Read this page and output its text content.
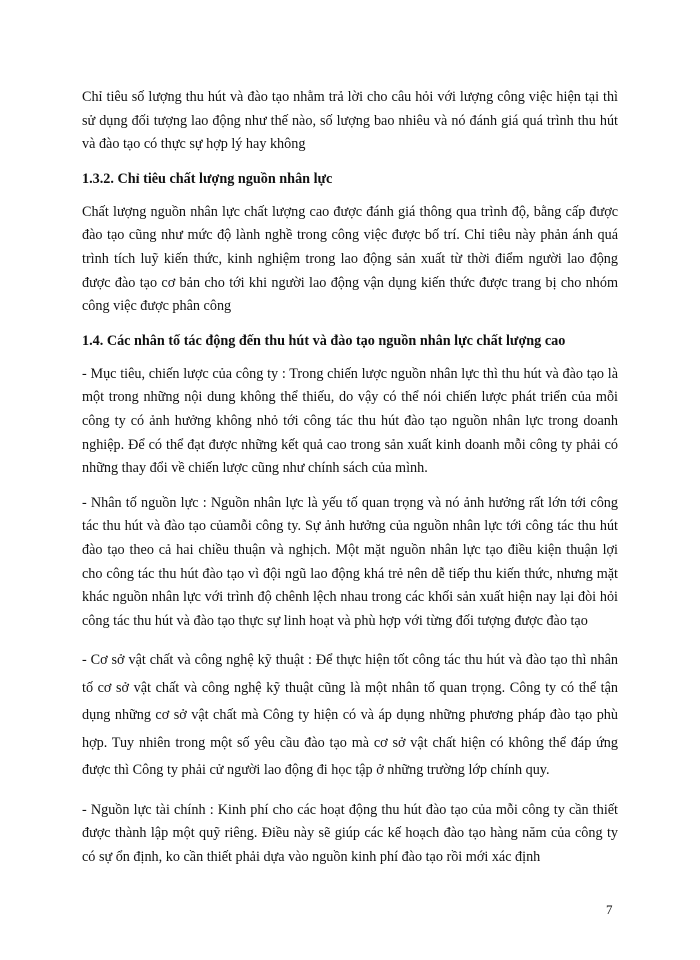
Chỉ tiêu số lượng thu hút và đào tạo nhằm trả lời cho câu hỏi với lượng công việc hiện tại thì sử dụng đối tượng lao động như thế nào, số lượng bao nhiêu và nó đánh giá quá trình thu hút và đào tạo có thực sự hợp lý hay không

1.3.2. Chỉ tiêu chất lượng nguồn nhân lực

Chất lượng nguồn nhân lực chất lượng cao được đánh giá thông qua trình độ, bằng cấp được đào tạo cũng như mức độ lành nghề trong công việc được bố trí. Chỉ tiêu này phản ánh quá trình tích luỹ kiến thức, kinh nghiệm trong lao động sản xuất từ thời điểm người lao động được đào tạo cơ bản cho tới khi người lao động vận dụng kiến thức được trang bị cho nhóm công việc được phân công

1.4. Các nhân tố tác động đến thu hút và đào tạo nguồn nhân lực chất lượng cao

- Mục tiêu, chiến lược của công ty : Trong chiến lược nguồn nhân lực thì thu hút và đào tạo là một trong những nội dung không thể thiếu, do vậy có thể nói chiến lược phát triển của mỗi công ty có ảnh hưởng không nhỏ tới công tác thu hút đào tạo nguồn nhân lực trong doanh nghiệp. Để có thể đạt được những kết quả cao trong sản xuất kinh doanh mỗi công ty phải có những thay đổi về chiến lược cũng như chính sách của mình.

- Nhân tố nguồn lực : Nguồn nhân lực là yếu tố quan trọng và nó ảnh hưởng rất lớn tới công tác thu hút và đào tạo củamỗi công ty. Sự ảnh hưởng của nguồn nhân lực tới công tác thu hút đào tạo theo cả hai chiều thuận và nghịch. Một mặt nguồn nhân lực tạo điều kiện thuận lợi cho công tác thu hút đào tạo vì đội ngũ lao động khá trẻ nên dễ tiếp thu kiến thức, nhưng mặt khác nguồn nhân lực với trình độ chênh lệch nhau trong các khối sản xuất hiện nay lại đòi hỏi công tác thu hút và đào tạo thực sự linh hoạt và phù hợp với từng đối tượng được đào tạo

- Cơ sở vật chất và công nghệ kỹ thuật : Để thực hiện tốt công tác thu hút và đào tạo thì nhân tố cơ sở vật chất và công nghệ kỹ thuật cũng là một nhân tố quan trọng. Công ty có thể tận dụng những cơ sở vật chất mà Công ty hiện có và áp dụng những phương pháp đào tạo phù hợp. Tuy nhiên trong một số yêu cầu đào tạo mà cơ sở vật chất hiện có không thể đáp ứng được thì Công ty phải cử người lao động đi học tập ở những trường lớp chính quy.

- Nguồn lực tài chính : Kinh phí cho các hoạt động thu hút đào tạo của mỗi công ty cần thiết được thành lập một quỹ riêng. Điều này sẽ giúp các kế hoạch đào tạo hàng năm của công ty có sự ổn định, ko cần thiết phải dựa vào nguồn kinh phí đào tạo rồi mới xác định

7
